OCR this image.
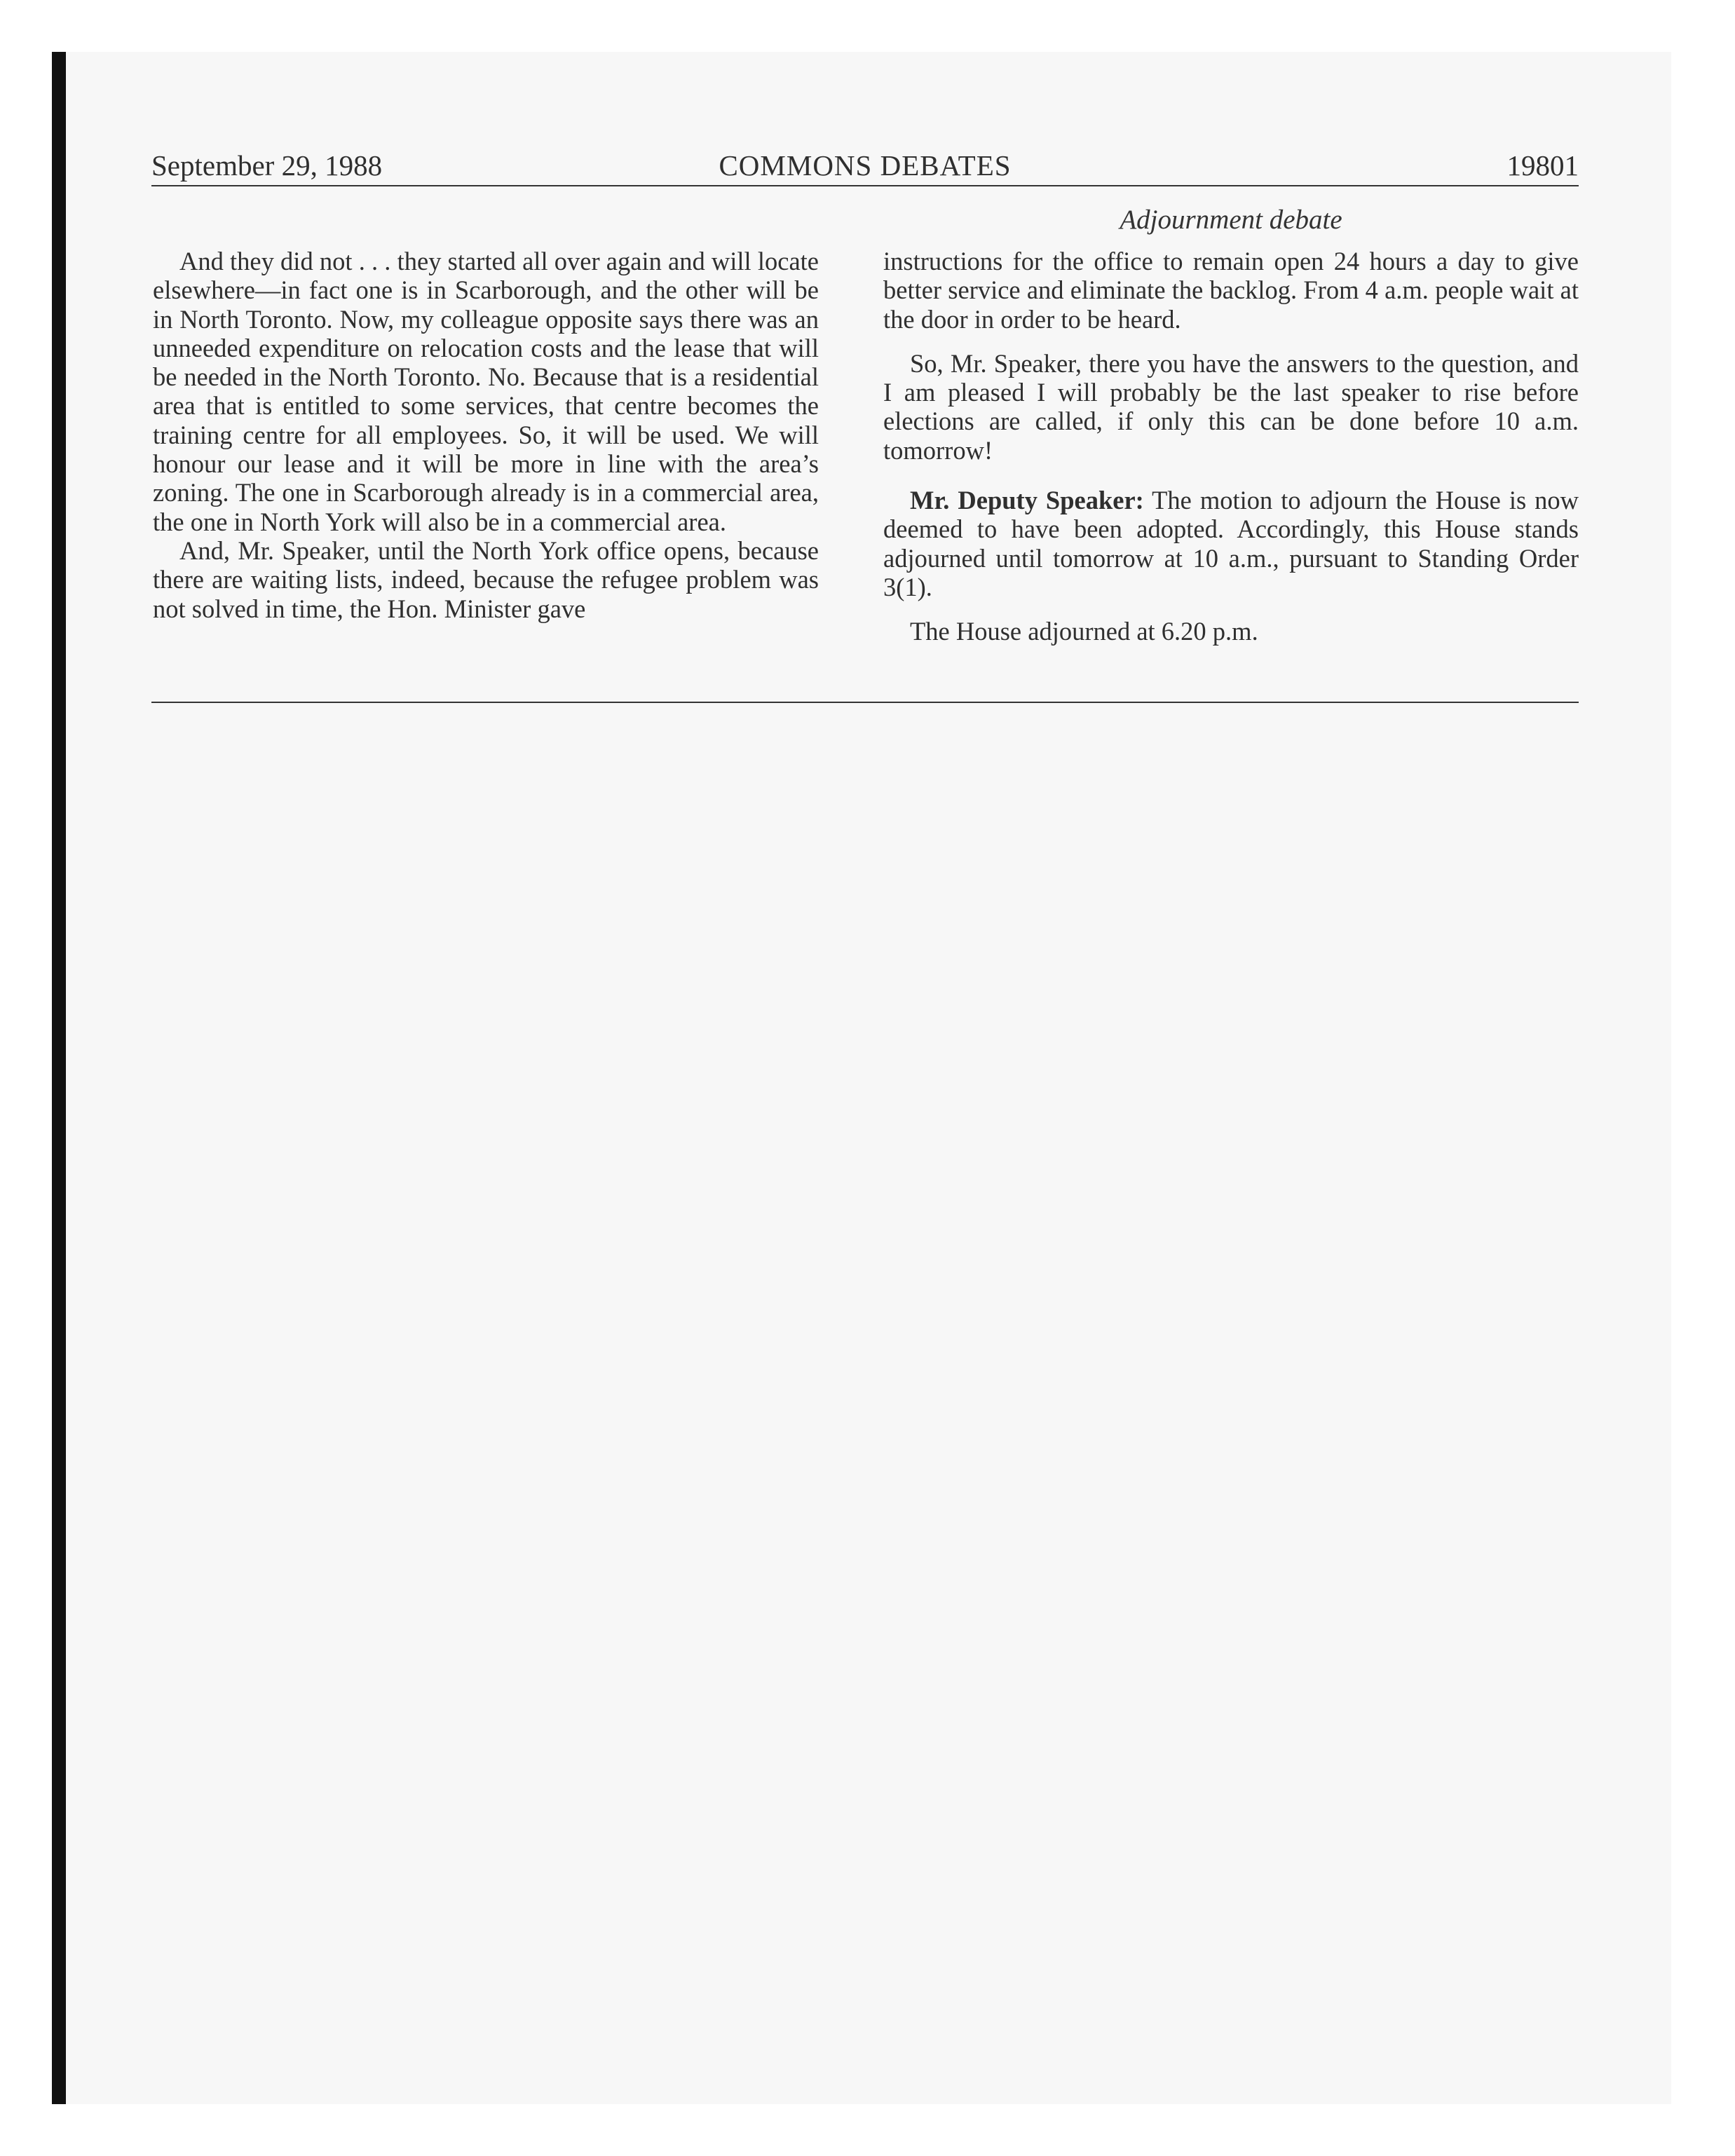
September 29, 1988	COMMONS DEBATES	19801
Adjournment debate

And they did not . . . they started all over again and will locate elsewhere—in fact one is in Scarborough, and the other will be in North Toronto. Now, my colleague opposite says there was an unneeded expenditure on relocation costs and the lease that will be needed in the North Toronto. No. Because that is a residential area that is entitled to some services, that centre becomes the training centre for all employees. So, it will be used. We will honour our lease and it will be more in line with the area’s zoning. The one in Scarborough already is in a commercial area, the one in North York will also be in a commercial area.

And, Mr. Speaker, until the North York office opens, because there are waiting lists, indeed, because the refugee problem was not solved in time, the Hon. Minister gave

instructions for the office to remain open 24 hours a day to give better service and eliminate the backlog. From 4 a.m. people wait at the door in order to be heard.

So, Mr. Speaker, there you have the answers to the question, and I am pleased I will probably be the last speaker to rise before elections are called, if only this can be done before 10 a.m. tomorrow!

Mr. Deputy Speaker: The motion to adjourn the House is now deemed to have been adopted. Accordingly, this House stands adjourned until tomorrow at 10 a.m., pursuant to Standing Order 3(1).

The House adjourned at 6.20 p.m.
